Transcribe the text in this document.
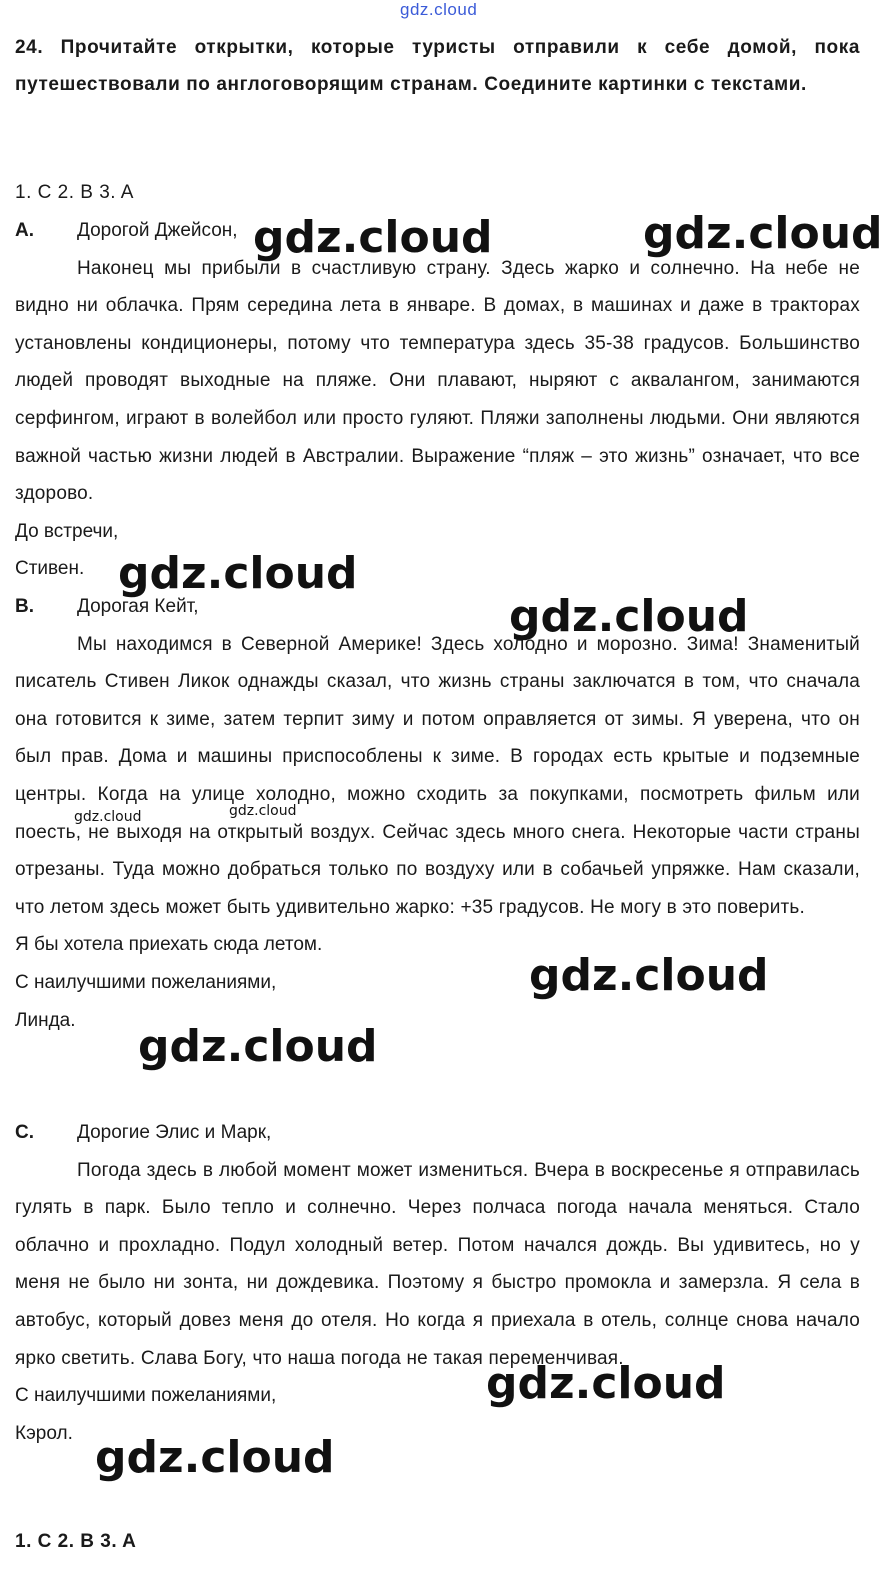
gdz.cloud
24. Прочитайте открытки, которые туристы отправили к себе домой, пока путешествовали по англоговорящим странам. Соедините картинки с текстами.
1. C 2. B 3. A
A.	Дорогой Джейсон,
Наконец мы прибыли в счастливую страну. Здесь жарко и солнечно. На небе не видно ни облачка. Прям середина лета в январе. В домах, в машинах и даже в тракторах установлены кондиционеры, потому что температура здесь 35-38 градусов. Большинство людей проводят выходные на пляже. Они плавают, ныряют с аквалангом, занимаются серфингом, играют в волейбол или просто гуляют. Пляжи заполнены людьми. Они являются важной частью жизни людей в Австралии. Выражение “пляж – это жизнь” означает, что все здорово.
До встречи,
Стивен.
B.	Дорогая Кейт,
Мы находимся в Северной Америке! Здесь холодно и морозно. Зима! Знаменитый писатель Стивен Ликок однажды сказал, что жизнь страны заключатся в том, что сначала она готовится к зиме, затем терпит зиму и потом оправляется от зимы. Я уверена, что он был прав. Дома и машины приспособлены к зиме. В городах есть крытые и подземные центры. Когда на улице холодно, можно сходить за покупками, посмотреть фильм или поесть, не выходя на открытый воздух. Сейчас здесь много снега. Некоторые части страны отрезаны. Туда можно добраться только по воздуху или в собачьей упряжке. Нам сказали, что летом здесь может быть удивительно жарко: +35 градусов. Не могу в это поверить.
Я бы хотела приехать сюда летом.
С наилучшими пожеланиями,
Линда.
C.	Дорогие Элис и Марк,
Погода здесь в любой момент может измениться. Вчера в воскресенье я отправилась гулять в парк. Было тепло и солнечно. Через полчаса погода начала меняться. Стало облачно и прохладно. Подул холодный ветер. Потом начался дождь. Вы удивитесь, но у меня не было ни зонта, ни дождевика. Поэтому я быстро промокла и замерзла. Я села в автобус, который довез меня до отеля. Но когда я приехала в отель, солнце снова начало ярко светить. Слава Богу, что наша погода не такая переменчивая.
С наилучшими пожеланиями,
Кэрол.
1. C 2. B 3. A
gdz.cloud	gdz.cloud
gdz.cloud
gdz.cloud
gdz.cloud
gdz.cloud
gdz.cloud
gdz.cloud
gdz.cloud
gdz.cloud
